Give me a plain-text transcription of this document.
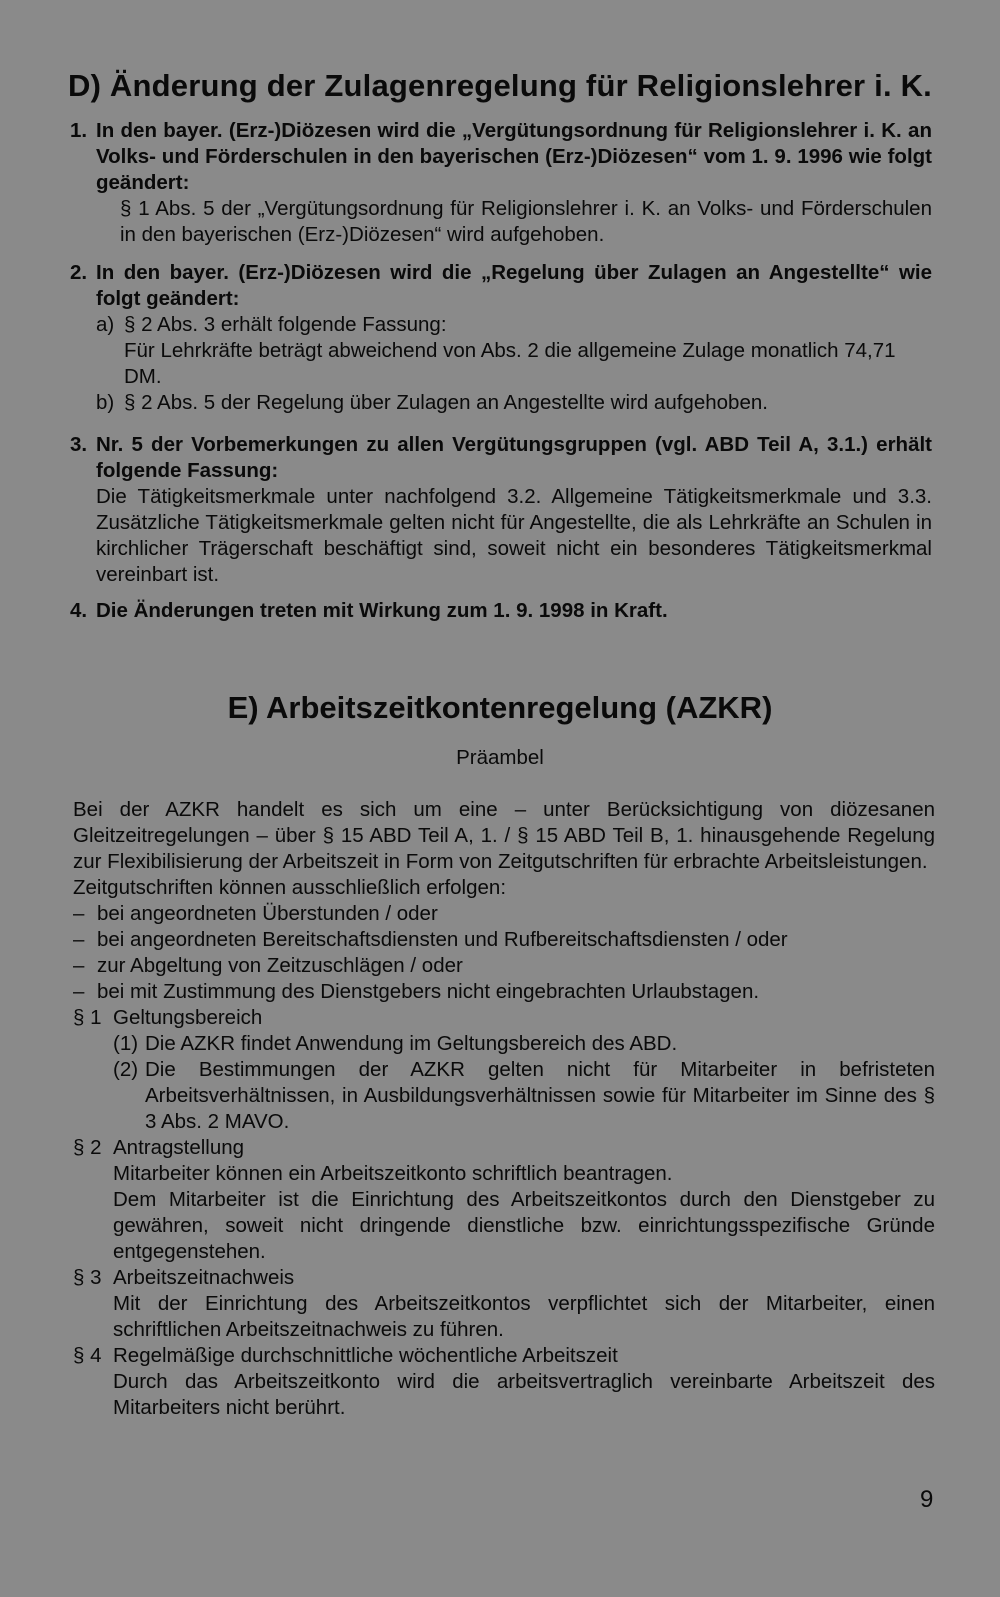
D) Änderung der Zulagenregelung für Religionslehrer i. K.
1. In den bayer. (Erz-)Diözesen wird die „Vergütungsordnung für Religionslehrer i. K. an Volks- und Förderschulen in den bayerischen (Erz-)Diözesen“ vom 1. 9. 1996 wie folgt geändert:
§ 1 Abs. 5 der „Vergütungsordnung für Religionslehrer i. K. an Volks- und Förderschulen in den bayerischen (Erz-)Diözesen“ wird aufgehoben.
2. In den bayer. (Erz-)Diözesen wird die „Regelung über Zulagen an Angestellte“ wie folgt geändert:
a) § 2 Abs. 3 erhält folgende Fassung:
Für Lehrkräfte beträgt abweichend von Abs. 2 die allgemeine Zulage monatlich 74,71 DM.
b) § 2 Abs. 5 der Regelung über Zulagen an Angestellte wird aufgehoben.
3. Nr. 5 der Vorbemerkungen zu allen Vergütungsgruppen (vgl. ABD Teil A, 3.1.) erhält folgende Fassung:
Die Tätigkeitsmerkmale unter nachfolgend 3.2. Allgemeine Tätigkeitsmerkmale und 3.3. Zusätzliche Tätigkeitsmerkmale gelten nicht für Angestellte, die als Lehrkräfte an Schulen in kirchlicher Trägerschaft beschäftigt sind, soweit nicht ein besonderes Tätigkeitsmerkmal vereinbart ist.
4. Die Änderungen treten mit Wirkung zum 1. 9. 1998 in Kraft.
E) Arbeitszeitkontenregelung (AZKR)
Präambel
Bei der AZKR handelt es sich um eine – unter Berücksichtigung von diözesanen Gleitzeitregelungen – über § 15 ABD Teil A, 1. / § 15 ABD Teil B, 1. hinausgehende Regelung zur Flexibilisierung der Arbeitszeit in Form von Zeitgutschriften für erbrachte Arbeitsleistungen.
Zeitgutschriften können ausschließlich erfolgen:
– bei angeordneten Überstunden / oder
– bei angeordneten Bereitschaftsdiensten und Rufbereitschaftsdiensten / oder
– zur Abgeltung von Zeitzuschlägen / oder
– bei mit Zustimmung des Dienstgebers nicht eingebrachten Urlaubstagen.
§ 1 Geltungsbereich
(1) Die AZKR findet Anwendung im Geltungsbereich des ABD.
(2) Die Bestimmungen der AZKR gelten nicht für Mitarbeiter in befristeten Arbeitsverhältnissen, in Ausbildungsverhältnissen sowie für Mitarbeiter im Sinne des § 3 Abs. 2 MAVO.
§ 2 Antragstellung
Mitarbeiter können ein Arbeitszeitkonto schriftlich beantragen.
Dem Mitarbeiter ist die Einrichtung des Arbeitszeitkontos durch den Dienstgeber zu gewähren, soweit nicht dringende dienstliche bzw. einrichtungsspezifische Gründe entgegenstehen.
§ 3 Arbeitszeitnachweis
Mit der Einrichtung des Arbeitszeitkontos verpflichtet sich der Mitarbeiter, einen schriftlichen Arbeitszeitnachweis zu führen.
§ 4 Regelmäßige durchschnittliche wöchentliche Arbeitszeit
Durch das Arbeitszeitkonto wird die arbeitsvertraglich vereinbarte Arbeitszeit des Mitarbeiters nicht berührt.
9
